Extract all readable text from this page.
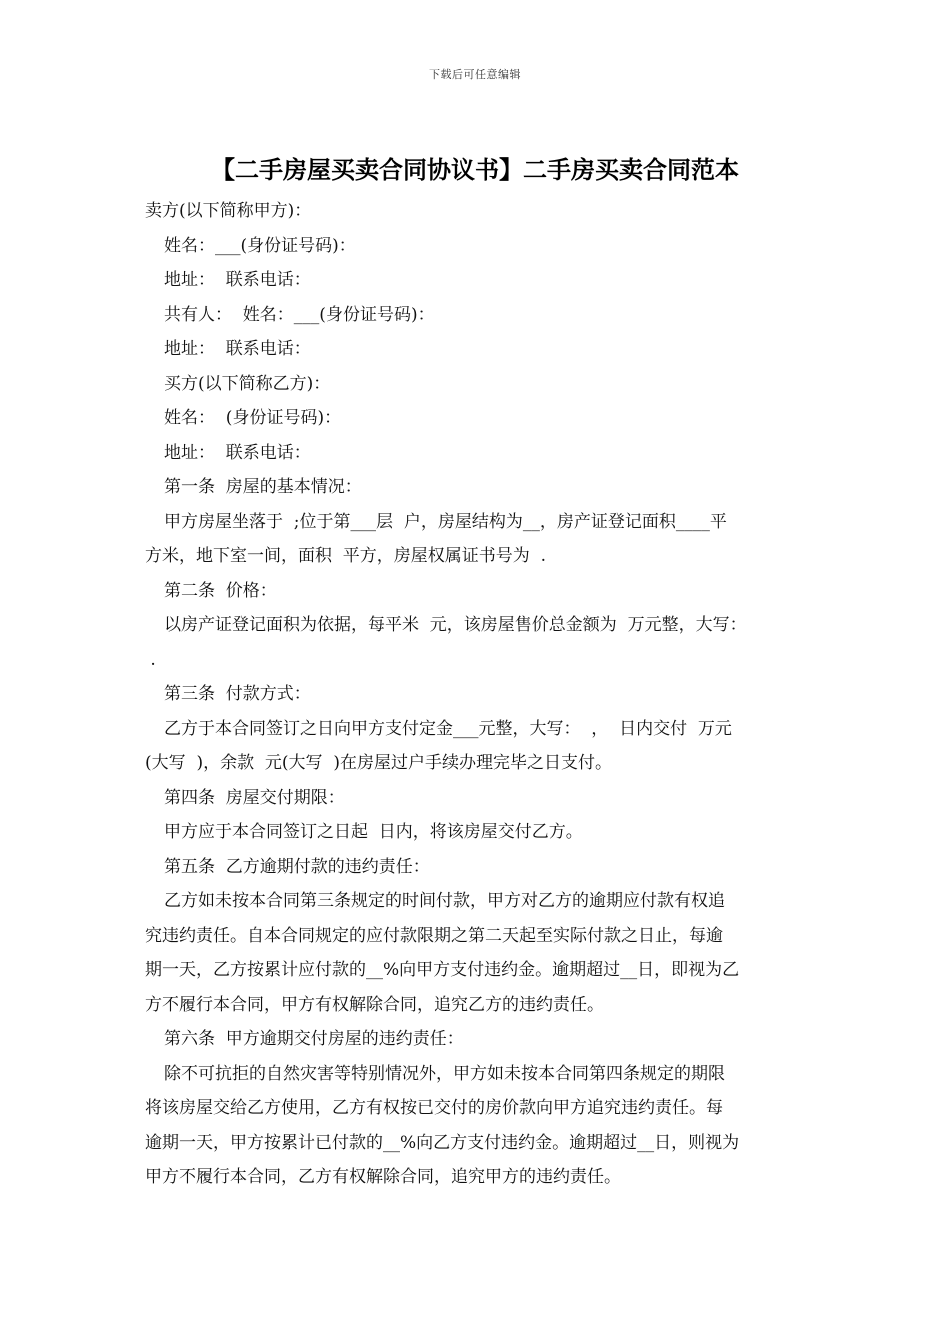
下载后可任意编辑
【二手房屋买卖合同协议书】二手房买卖合同范本

卖方(以下简称甲方)：

姓名：___(身份证号码)：

地址：  联系电话：

共有人：  姓名：___(身份证号码)：

地址：  联系电话：

买方(以下简称乙方)：

姓名：  (身份证号码)：

地址：  联系电话：

第一条  房屋的基本情况：

甲方房屋坐落于  ;位于第___层  户，房屋结构为__，房产证登记面积____平

方米，地下室一间，面积  平方，房屋权属证书号为  .

第二条  价格：

以房产证登记面积为依据，每平米  元，该房屋售价总金额为  万元整，大写：

.

第三条  付款方式：

乙方于本合同签订之日向甲方支付定金___元整，大写：  ，  日内交付  万元

(大写  )，余款  元(大写  )在房屋过户手续办理完毕之日支付。

第四条  房屋交付期限：

甲方应于本合同签订之日起  日内，将该房屋交付乙方。

第五条  乙方逾期付款的违约责任：

乙方如未按本合同第三条规定的时间付款，甲方对乙方的逾期应付款有权追

究违约责任。自本合同规定的应付款限期之第二天起至实际付款之日止，每逾

期一天，乙方按累计应付款的__%向甲方支付违约金。逾期超过__日，即视为乙

方不履行本合同，甲方有权解除合同，追究乙方的违约责任。

第六条  甲方逾期交付房屋的违约责任：

除不可抗拒的自然灾害等特别情况外，甲方如未按本合同第四条规定的期限

将该房屋交给乙方使用，乙方有权按已交付的房价款向甲方追究违约责任。每

逾期一天，甲方按累计已付款的__%向乙方支付违约金。逾期超过__日，则视为

甲方不履行本合同，乙方有权解除合同，追究甲方的违约责任。
